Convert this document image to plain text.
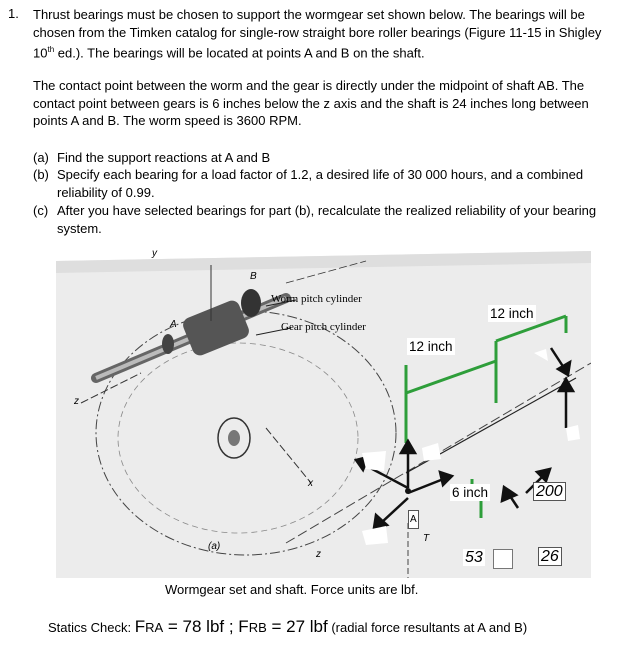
1. Thrust bearings must be chosen to support the wormgear set shown below. The bearings will be chosen from the Timken catalog for single-row straight bore roller bearings (Figure 11-15 in Shigley 10th ed.). The bearings will be located at points A and B on the shaft.

The contact point between the worm and the gear is directly under the midpoint of shaft AB. The contact point between gears is 6 inches below the z axis and the shaft is 24 inches long between points A and B. The worm speed is 3600 RPM.

(a) Find the support reactions at A and B
(b) Specify each bearing for a load factor of 1.2, a desired life of 30 000 hours, and a combined reliability of 0.99.
(c) After you have selected bearings for part (b), recalculate the realized reliability of your bearing system.
y
B
A
z
x
z
T
(a)
Worm pitch cylinder
Gear pitch cylinder
12 inch
12 inch
6 inch
A
200
53	26

Wormgear set and shaft. Force units are lbf.

Statics Check: FRA = 78 lbf ; FRB = 27 lbf (radial force resultants at A and B)
